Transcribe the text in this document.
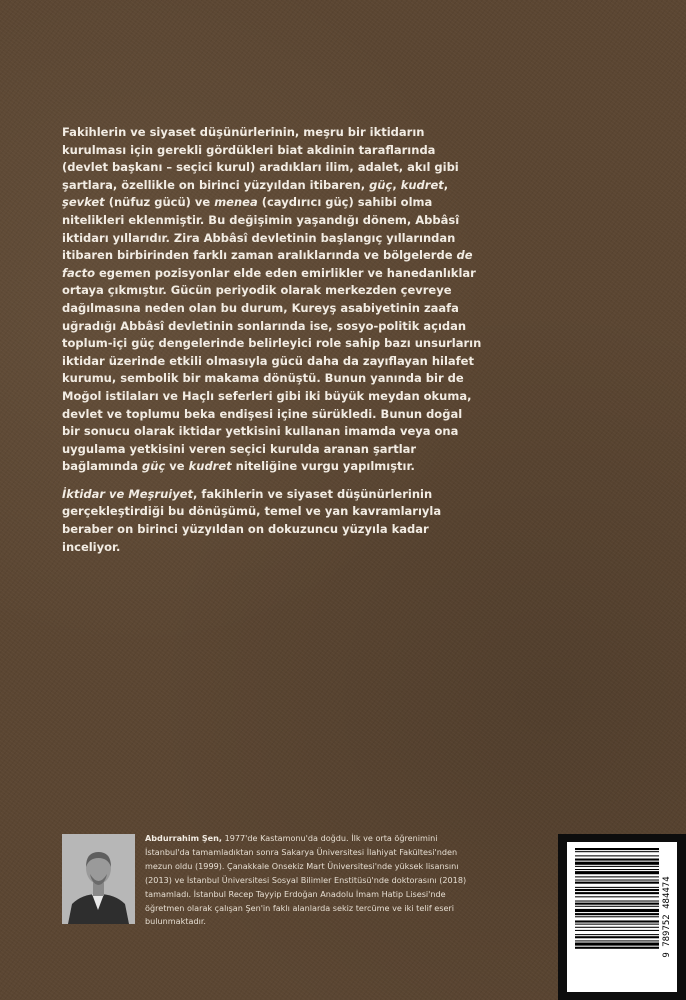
Fakihlerin ve siyaset düşünürlerinin, meşru bir iktidarın kurulması için gerekli gördükleri biat akdinin taraflarında (devlet başkanı – seçici kurul) aradıkları ilim, adalet, akıl gibi şartlara, özellikle on birinci yüzyıldan itibaren, güç, kudret, şevket (nüfuz gücü) ve menea (caydırıcı güç) sahibi olma nitelikleri eklenmiştir. Bu değişimin yaşandığı dönem, Abbâsî iktidarı yıllarıdır. Zira Abbâsî devletinin başlangıç yıllarından itibaren birbirinden farklı zaman aralıklarında ve bölgelerde de facto egemen pozisyonlar elde eden emirlikler ve hanedanlıklar ortaya çıkmıştır. Gücün periyodik olarak merkezden çevreye dağılmasına neden olan bu durum, Kureyş asabiyetinin zaafa uğradığı Abbâsî devletinin sonlarında ise, sosyo-politik açıdan toplum-içi güç dengelerinde belirleyici role sahip bazı unsurların iktidar üzerinde etkili olmasıyla gücü daha da zayıflayan hilafet kurumu, sembolik bir makama dönüştü. Bunun yanında bir de Moğol istilaları ve Haçlı seferleri gibi iki büyük meydan okuma, devlet ve toplumu beka endişesi içine sürükledi. Bunun doğal bir sonucu olarak iktidar yetkisini kullanan imamda veya ona uygulama yetkisini veren seçici kurulda aranan şartlar bağlamında güç ve kudret niteliğine vurgu yapılmıştır.

İktidar ve Meşruiyet, fakihlerin ve siyaset düşünürlerinin gerçekleştirdiği bu dönüşümü, temel ve yan kavramlarıyla beraber on birinci yüzyıldan on dokuzuncu yüzyıla kadar inceliyor.

Abdurrahim Şen, 1977'de Kastamonu'da doğdu. İlk ve orta öğrenimini İstanbul'da tamamladıktan sonra Sakarya Üniversitesi İlahiyat Fakültesi'nden mezun oldu (1999). Çanakkale Onsekiz Mart Üniversitesi'nde yüksek lisansını (2013) ve İstanbul Üniversitesi Sosyal Bilimler Enstitüsü'nde doktorasını (2018) tamamladı. İstanbul Recep Tayyip Erdoğan Anadolu İmam Hatip Lisesi'nde öğretmen olarak çalışan Şen'in faklı alanlarda sekiz tercüme ve iki telif eseri bulunmaktadır.	9 789752 484474
